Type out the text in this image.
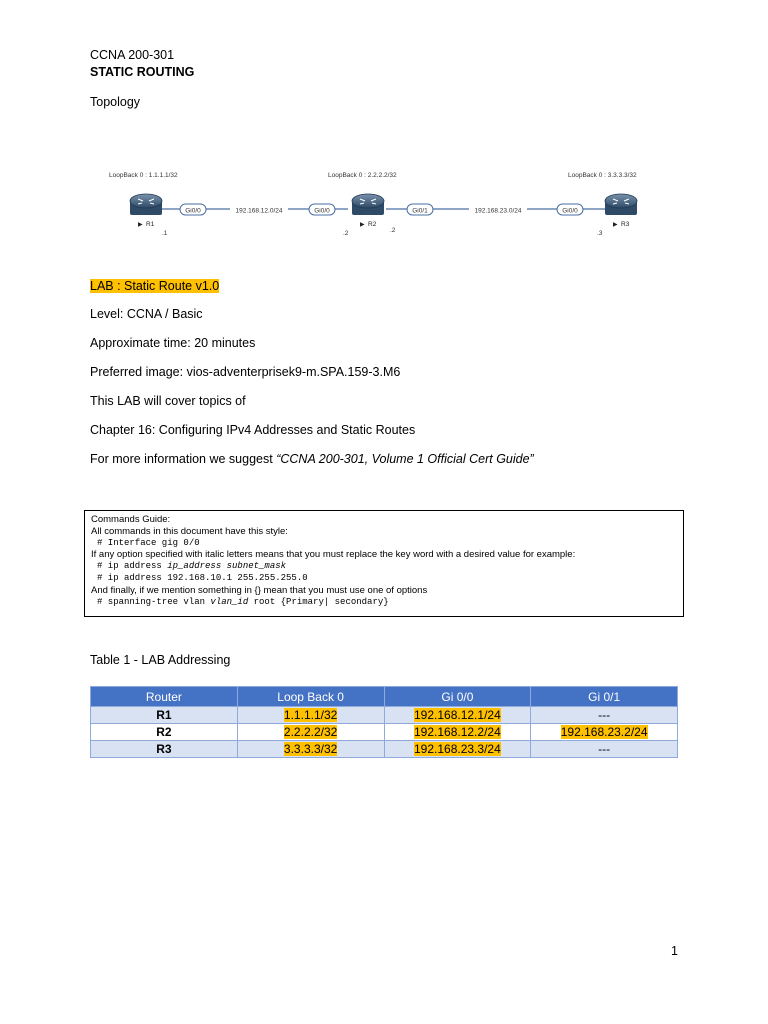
CCNA 200-301
STATIC ROUTING
Topology
Gi0/0	Gi0/0	Gi0/1	Gi0/0
192.168.12.0/24	192.168.23.0/24
LoopBack 0 : 1.1.1.1/32	LoopBack 0 : 2.2.2.2/32	LoopBack 0 : 3.3.3.3/32
▶ R1	▶ R2	▶ R3
.1	.2	.2	.3
LAB : Static Route v1.0
Level: CCNA / Basic
Approximate time: 20 minutes
Preferred image: vios-adventerprisek9-m.SPA.159-3.M6
This LAB will cover topics of
Chapter 16: Configuring IPv4 Addresses and Static Routes
For more information we suggest “CCNA 200-301, Volume 1 Official Cert Guide”
Commands Guide:
All commands in this document have this style:
# Interface gig 0/0
If any option specified with italic letters means that you must replace the key word with a desired value for example:
# ip address ip_address subnet_mask
# ip address 192.168.10.1 255.255.255.0
And finally, if we mention something in {} mean that you must use one of options
# spanning-tree vlan vlan_id root {Primary| secondary}
Table 1 - LAB Addressing
Router	Loop Back 0	Gi 0/0	Gi 0/1
R1	1.1.1.1/32	192.168.12.1/24	---
R2	2.2.2.2/32	192.168.12.2/24	192.168.23.2/24
R3	3.3.3.3/32	192.168.23.3/24	---
1
